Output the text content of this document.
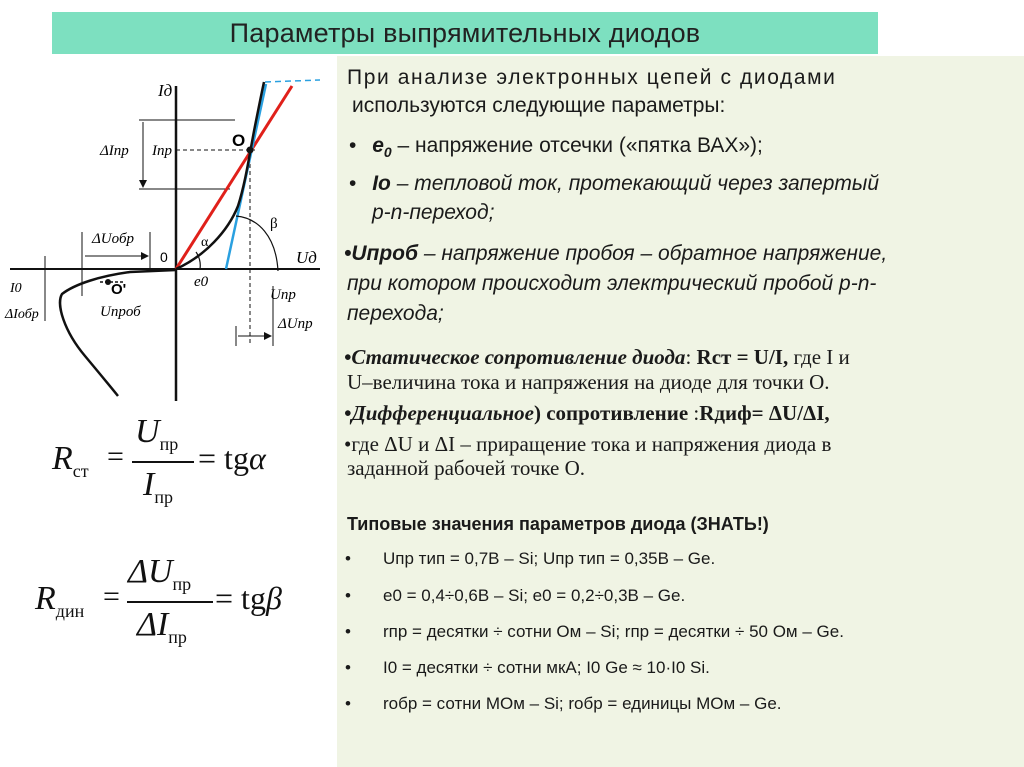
Параметры выпрямительных диодов
При анализе электронных цепей с диодами
используются следующие параметры:
• $e_0$ – напряжение отсечки («пятка ВАХ»);
• Io – тепловой ток, протекающий через запертый
p-n-переход;
•Uпроб – напряжение пробоя – обратное напряжение,
при котором происходит электрический пробой p-n-
перехода;
•Статическое сопротивление диода: Rст = U/I, где I и
U–величина тока и напряжения на диоде для точки O.
•Дифференциальное) сопротивление :Rдиф= ΔU/ΔI,
•где ΔU и ΔI – приращение тока и напряжения диода в
заданной рабочей точке O.
Типовые значения параметров диода (ЗНАТЬ!)
• Uпр тип = 0,7В – Si; Uпр тип = 0,35В – Ge.
• e0 = 0,4÷0,6В – Si; e0 = 0,2÷0,3В – Ge.
• rпр = десятки ÷ сотни Ом – Si; rпр = десятки ÷ 50 Ом – Ge.
• I0 = десятки ÷ сотни мкА; I0 Ge ≈ 10·I0 Si.
• rобр = сотни МОм – Si; rобр = единицы МОм – Ge.
Iд
Uд
ΔIпр Iпр
O
ΔUобр
0
α
β
e0
Uпр
I0
ΔIобр
O'
Uпроб
ΔUпр
$R_{ст}$ =
$U_{пр}$
$I_{пр}$
= tgα
$R_{дин}$ =
$\Delta U_{пр}$
$\Delta I_{пр}$
= tgβ
